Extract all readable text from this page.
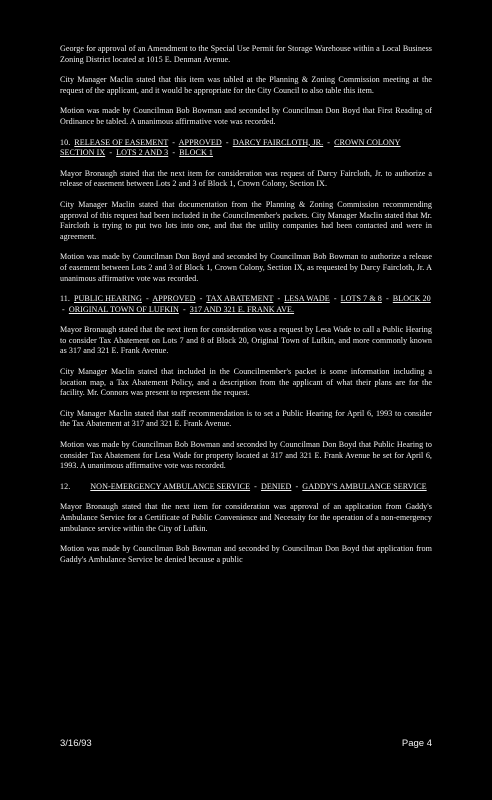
George for approval of an Amendment to the Special Use Permit for Storage Warehouse within a Local Business Zoning District located at 1015 E. Denman Avenue.

City Manager Maclin stated that this item was tabled at the Planning & Zoning Commission meeting at the request of the applicant, and it would be appropriate for the City Council to also table this item.

Motion was made by Councilman Bob Bowman and seconded by Councilman Don Boyd that First Reading of Ordinance be tabled. A unanimous affirmative vote was recorded.

10. RELEASE OF EASEMENT - APPROVED - DARCY FAIRCLOTH, JR. - CROWN COLONY SECTION IX - LOTS 2 AND 3 - BLOCK 1

Mayor Bronaugh stated that the next item for consideration was request of Darcy Faircloth, Jr. to authorize a release of easement between Lots 2 and 3 of Block 1, Crown Colony, Section IX.

City Manager Maclin stated that documentation from the Planning & Zoning Commission recommending approval of this request had been included in the Councilmember's packets. City Manager Maclin stated that Mr. Faircloth is trying to put two lots into one, and that the utility companies had been contacted and were in agreement.

Motion was made by Councilman Don Boyd and seconded by Councilman Bob Bowman to authorize a release of easement between Lots 2 and 3 of Block 1, Crown Colony, Section IX, as requested by Darcy Faircloth, Jr. A unanimous affirmative vote was recorded.

11. PUBLIC HEARING - APPROVED - TAX ABATEMENT - LESA WADE - LOTS 7 & 8 - BLOCK 20 - ORIGINAL TOWN OF LUFKIN - 317 AND 321 E. FRANK AVE.

Mayor Bronaugh stated that the next item for consideration was a request by Lesa Wade to call a Public Hearing to consider Tax Abatement on Lots 7 and 8 of Block 20, Original Town of Lufkin, and more commonly known as 317 and 321 E. Frank Avenue.

City Manager Maclin stated that included in the Councilmember's packet is some information including a location map, a Tax Abatement Policy, and a description from the applicant of what their plans are for the facility. Mr. Connors was present to represent the request.

City Manager Maclin stated that staff recommendation is to set a Public Hearing for April 6, 1993 to consider the Tax Abatement at 317 and 321 E. Frank Avenue.

Motion was made by Councilman Bob Bowman and seconded by Councilman Don Boyd that Public Hearing to consider Tax Abatement for Lesa Wade for property located at 317 and 321 E. Frank Avenue be set for April 6, 1993. A unanimous affirmative vote was recorded.

12. NON-EMERGENCY AMBULANCE SERVICE - DENIED - GADDY'S AMBULANCE SERVICE

Mayor Bronaugh stated that the next item for consideration was approval of an application from Gaddy's Ambulance Service for a Certificate of Public Convenience and Necessity for the operation of a non-emergency ambulance service within the City of Lufkin.

Motion was made by Councilman Bob Bowman and seconded by Councilman Don Boyd that application from Gaddy's Ambulance Service be denied because a public

3/16/93	Page 4
